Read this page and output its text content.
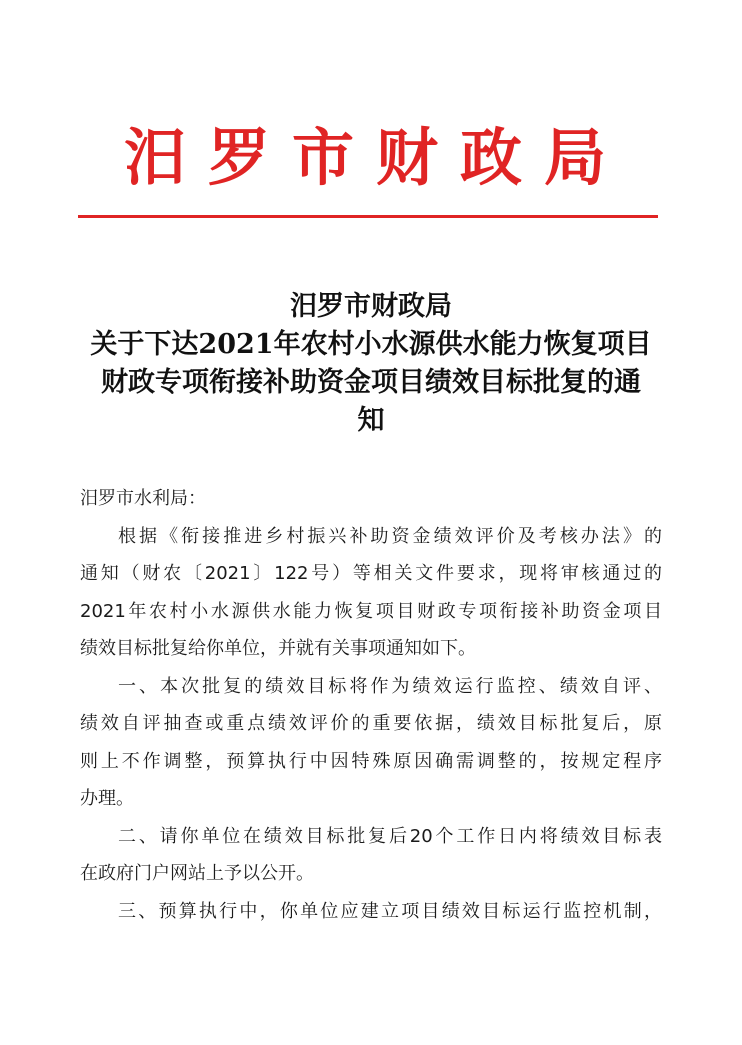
汨罗市财政局
汨罗市财政局
关于下达2021年农村小水源供水能力恢复项目
财政专项衔接补助资金项目绩效目标批复的通
知
汨罗市水利局：
根据《衔接推进乡村振兴补助资金绩效评价及考核办法》的
通知（财农〔2021〕122号）等相关文件要求，现将审核通过的
2021年农村小水源供水能力恢复项目财政专项衔接补助资金项目
绩效目标批复给你单位，并就有关事项通知如下。
一、本次批复的绩效目标将作为绩效运行监控、绩效自评、
绩效自评抽查或重点绩效评价的重要依据，绩效目标批复后，原
则上不作调整，预算执行中因特殊原因确需调整的，按规定程序
办理。
二、请你单位在绩效目标批复后20个工作日内将绩效目标表
在政府门户网站上予以公开。
三、预算执行中，你单位应建立项目绩效目标运行监控机制，
